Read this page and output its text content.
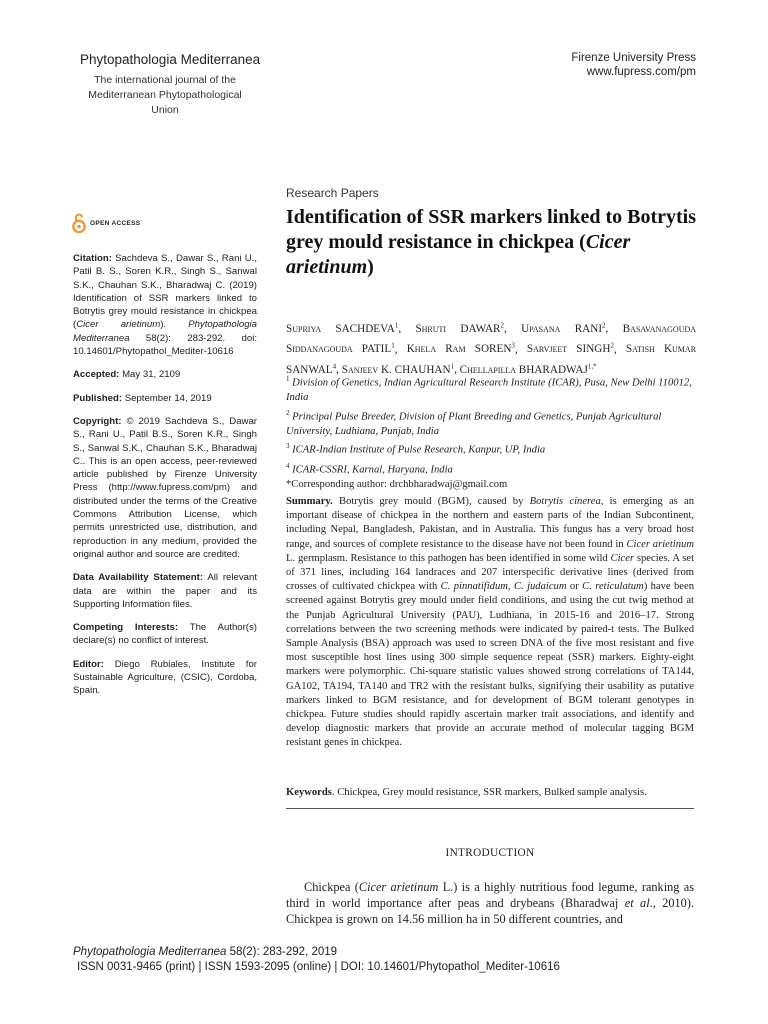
Phytopathologia Mediterranea
The international journal of the
Mediterranean Phytopathological Union
Firenze University Press
www.fupress.com/pm
OPEN ACCESS

Citation: Sachdeva S., Dawar S., Rani U., Patil B. S., Soren K.R., Singh S., Sanwal S.K., Chauhan S.K., Bharadwaj C. (2019) Identification of SSR markers linked to Botrytis grey mould resistance in chickpea (Cicer arietinum). Phytopathologia Mediterranea 58(2): 283-292. doi: 10.14601/Phytopathol_Mediter-10616

Accepted: May 31, 2109

Published: September 14, 2019

Copyright: © 2019 Sachdeva S., Dawar S., Rani U., Patil B.S., Soren K.R., Singh S., Sanwal S.K., Chauhan S.K., Bharadwaj C.. This is an open access, peer-reviewed article published by Firenze University Press (http://www.fupress.com/pm) and distributed under the terms of the Creative Commons Attribution License, which permits unrestricted use, distribution, and reproduction in any medium, provided the original author and source are credited.

Data Availability Statement: All relevant data are within the paper and its Supporting Information files.

Competing Interests: The Author(s) declare(s) no conflict of interest.

Editor: Diego Rubiales, Institute for Sustainable Agriculture, (CSIC), Cordoba, Spain.

Research Papers
Identification of SSR markers linked to Botrytis grey mould resistance in chickpea (Cicer arietinum)
Supriya SACHDEVA$^1$, Shruti DAWAR$^2$, Upasana RANI$^2$, Basavanagouda Siddanagouda PATIL$^1$, Khela Ram SOREN$^3$, Sarvjeet SINGH$^2$, Satish Kumar SANWAL$^4$, Sanjeev K. CHAUHAN$^1$, Chellapilla $BHARADWAJ^{1,*}$
$^1$ Division of Genetics, Indian Agricultural Research Institute (ICAR), Pusa, New Delhi 110012, India
$^2$ Principal Pulse Breeder, Division of Plant Breeding and Genetics, Punjab Agricultural University, Ludhiana, Punjab, India
$^3$ ICAR-Indian Institute of Pulse Research, Kanpur, UP, India
$^4$ ICAR-CSSRI, Karnal, Haryana, India
*Corresponding author: drchbharadwaj@gmail.com

Summary. Botrytis grey mould (BGM), caused by Botrytis cinerea, is emerging as an important disease of chickpea in the northern and eastern parts of the Indian Subcontinent, including Nepal, Bangladesh, Pakistan, and in Australia. This fungus has a very broad host range, and sources of complete resistance to the disease have not been found in Cicer arietinum L. germplasm. Resistance to this pathogen has been identified in some wild Cicer species. A set of 371 lines, including 164 landraces and 207 interspecific derivative lines (derived from crosses of cultivated chickpea with C. pinnatifidum, C. judaicum or C. reticulatum) have been screened against Botrytis grey mould under field conditions, and using the cut twig method at the Punjab Agricultural University (PAU), Ludhiana, in 2015-16 and 2016–17. Strong correlations between the two screening methods were indicated by paired-t tests. The Bulked Sample Analysis (BSA) approach was used to screen DNA of the five most resistant and five most susceptible host lines using 300 simple sequence repeat (SSR) markers. Eighty-eight markers were polymorphic. Chi-square statistic values showed strong correlations of TA144, GA102, TA194, TA140 and TR2 with the resistant bulks, signifying their usability as putative markers linked to BGM resistance, and for development of BGM tolerant genotypes in chickpea. Future studies should rapidly ascertain marker trait associations, and identify and develop diagnostic markers that provide an accurate method of molecular tagging BGM resistant genes in chickpea.

Keywords. Chickpea, Grey mould resistance, SSR markers, Bulked sample analysis.
INTRODUCTION

Chickpea (Cicer arietinum L.) is a highly nutritious food legume, ranking as third in world importance after peas and drybeans (Bharadwaj et al., 2010). Chickpea is grown on 14.56 million ha in 50 different countries, and

Phytopathologia Mediterranea 58(2): 283-292, 2019
ISSN 0031-9465 (print) | ISSN 1593-2095 (online) | DOI: 10.14601/Phytopathol_Mediter-10616
